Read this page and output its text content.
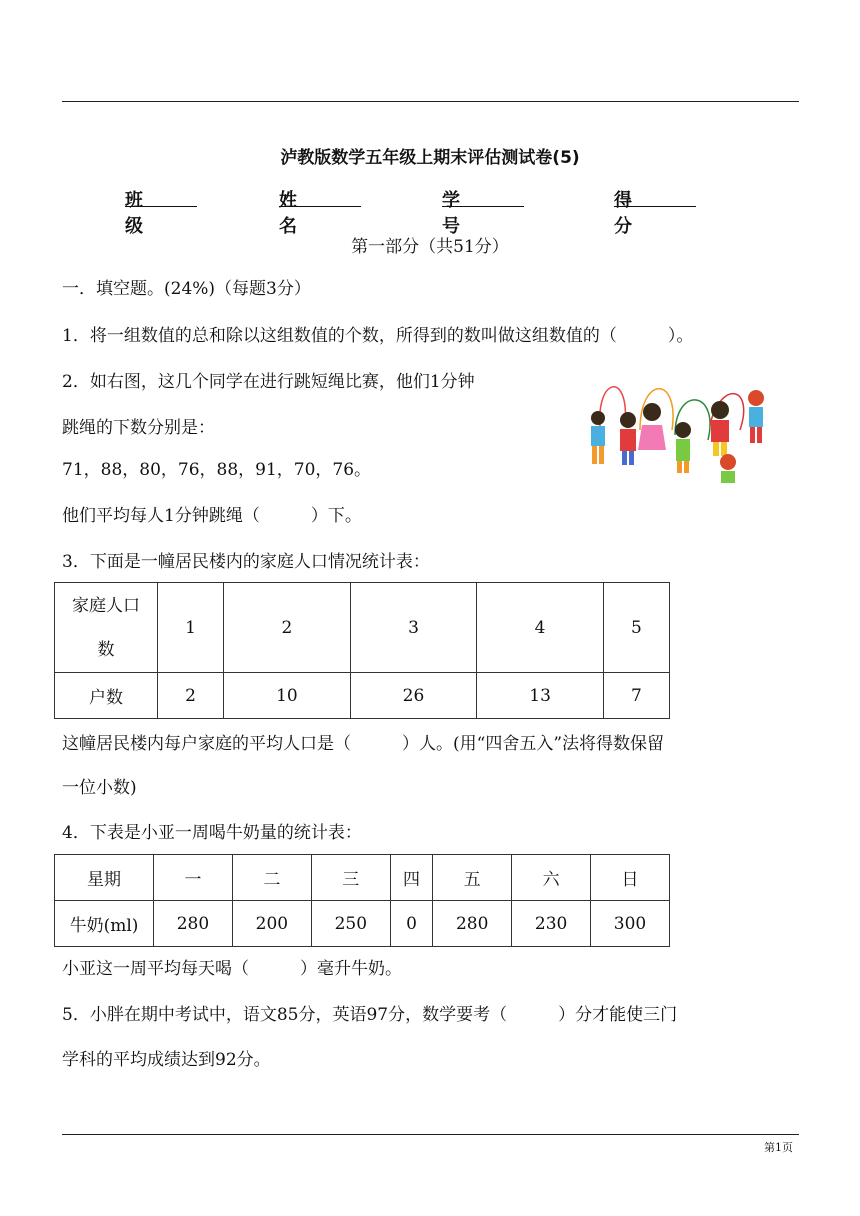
泸教版数学五年级上期末评估测试卷(5)
班级
姓名
学号
得分
第一部分（共51分）
一．填空题。(24%)（每题3分）
1．将一组数值的总和除以这组数值的个数，所得到的数叫做这组数值的（　　　）。
2．如右图，这几个同学在进行跳短绳比赛，他们1分钟
跳绳的下数分别是：
71，88，80，76，88，91，70，76。
他们平均每人1分钟跳绳（　　　）下。
3．下面是一幢居民楼内的家庭人口情况统计表：
家庭人口
数	1	2	3	4	5
户数	2	10	26	13	7
这幢居民楼内每户家庭的平均人口是（　　　）人。(用“四舍五入”法将得数保留
一位小数)
4．下表是小亚一周喝牛奶量的统计表：
星期	一	二	三	四	五	六	日
牛奶(ml)	280	200	250	0	280	230	300
小亚这一周平均每天喝（　　　）毫升牛奶。
5．小胖在期中考试中，语文85分，英语97分，数学要考（　　　）分才能使三门
学科的平均成绩达到92分。
第1页
